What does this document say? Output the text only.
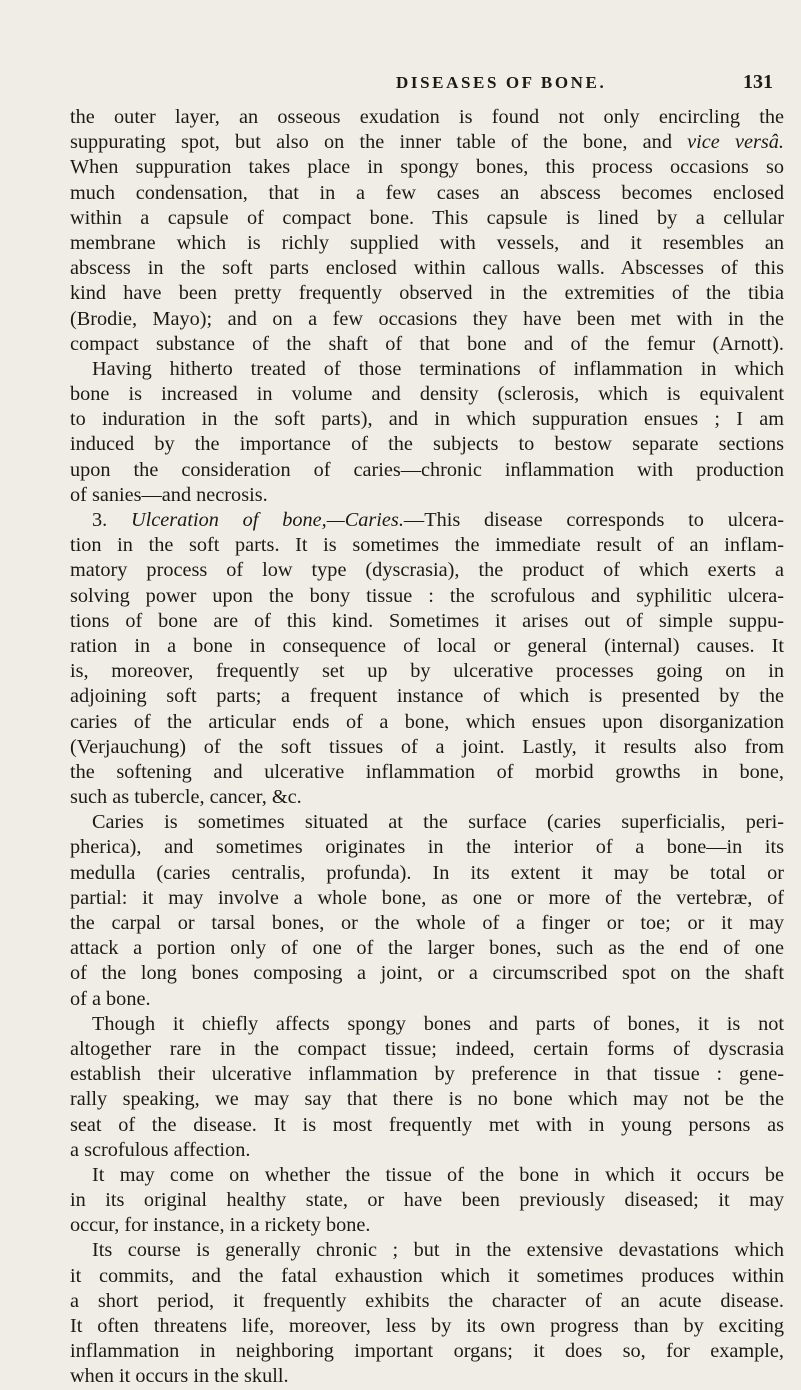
DISEASES OF BONE.	131
the outer layer, an osseous exudation is found not only encircling the
suppurating spot, but also on the inner table of the bone, and vice versâ.
When suppuration takes place in spongy bones, this process occasions so
much condensation, that in a few cases an abscess becomes enclosed
within a capsule of compact bone. This capsule is lined by a cellular
membrane which is richly supplied with vessels, and it resembles an
abscess in the soft parts enclosed within callous walls. Abscesses of this
kind have been pretty frequently observed in the extremities of the tibia
(Brodie, Mayo); and on a few occasions they have been met with in the
compact substance of the shaft of that bone and of the femur (Arnott).
Having hitherto treated of those terminations of inflammation in which
bone is increased in volume and density (sclerosis, which is equivalent
to induration in the soft parts), and in which suppuration ensues ; I am
induced by the importance of the subjects to bestow separate sections
upon the consideration of caries—chronic inflammation with production
of sanies—and necrosis.
3. Ulceration of bone,—Caries.—This disease corresponds to ulcera-
tion in the soft parts. It is sometimes the immediate result of an inflam-
matory process of low type (dyscrasia), the product of which exerts a
solving power upon the bony tissue : the scrofulous and syphilitic ulcera-
tions of bone are of this kind. Sometimes it arises out of simple suppu-
ration in a bone in consequence of local or general (internal) causes. It
is, moreover, frequently set up by ulcerative processes going on in
adjoining soft parts; a frequent instance of which is presented by the
caries of the articular ends of a bone, which ensues upon disorganization
(Verjauchung) of the soft tissues of a joint. Lastly, it results also from
the softening and ulcerative inflammation of morbid growths in bone,
such as tubercle, cancer, &c.
Caries is sometimes situated at the surface (caries superficialis, peri-
pherica), and sometimes originates in the interior of a bone—in its
medulla (caries centralis, profunda). In its extent it may be total or
partial: it may involve a whole bone, as one or more of the vertebræ, of
the carpal or tarsal bones, or the whole of a finger or toe; or it may
attack a portion only of one of the larger bones, such as the end of one
of the long bones composing a joint, or a circumscribed spot on the shaft
of a bone.
Though it chiefly affects spongy bones and parts of bones, it is not
altogether rare in the compact tissue; indeed, certain forms of dyscrasia
establish their ulcerative inflammation by preference in that tissue : gene-
rally speaking, we may say that there is no bone which may not be the
seat of the disease. It is most frequently met with in young persons as
a scrofulous affection.
It may come on whether the tissue of the bone in which it occurs be
in its original healthy state, or have been previously diseased; it may
occur, for instance, in a rickety bone.
Its course is generally chronic ; but in the extensive devastations which
it commits, and the fatal exhaustion which it sometimes produces within
a short period, it frequently exhibits the character of an acute disease.
It often threatens life, moreover, less by its own progress than by exciting
inflammation in neighboring important organs; it does so, for example,
when it occurs in the skull.
